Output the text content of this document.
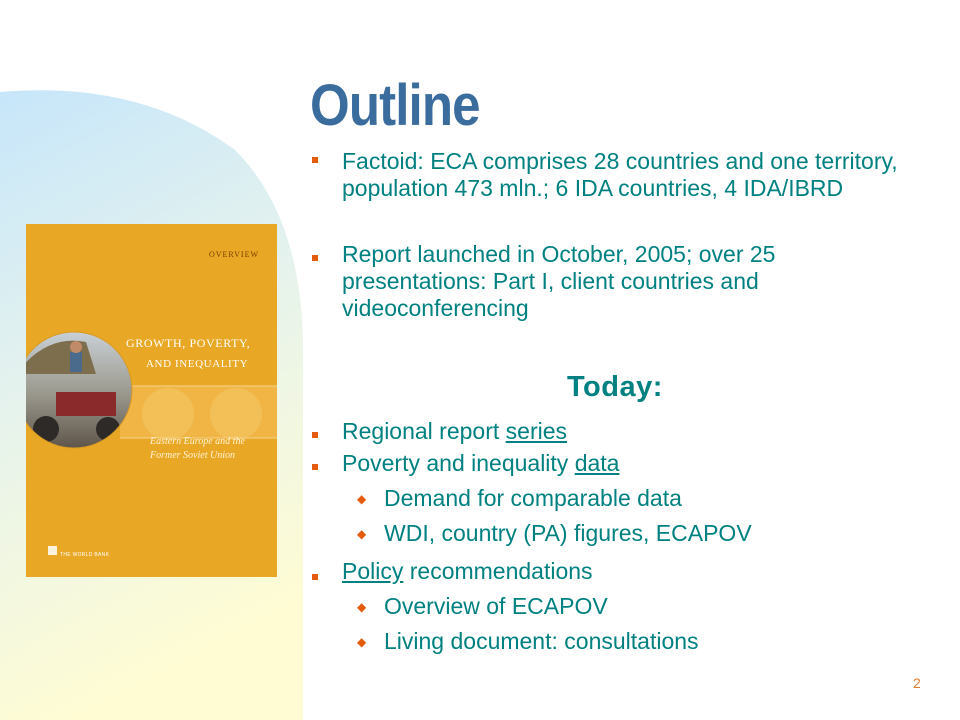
Outline
OVERVIEW
GROWTH, POVERTY,
AND INEQUALITY
Eastern Europe and the
Former Soviet Union
THE WORLD BANK
Factoid: ECA comprises 28 countries and one territory, population 473 mln.; 6 IDA countries, 4 IDA/IBRD
Report launched in October, 2005; over 25 presentations: Part I, client countries and videoconferencing
Today:
Regional report series
Poverty and inequality data
◆ Demand for comparable data
◆ WDI, country (PA) figures, ECAPOV
Policy recommendations
◆ Overview of ECAPOV
◆ Living document: consultations
2
